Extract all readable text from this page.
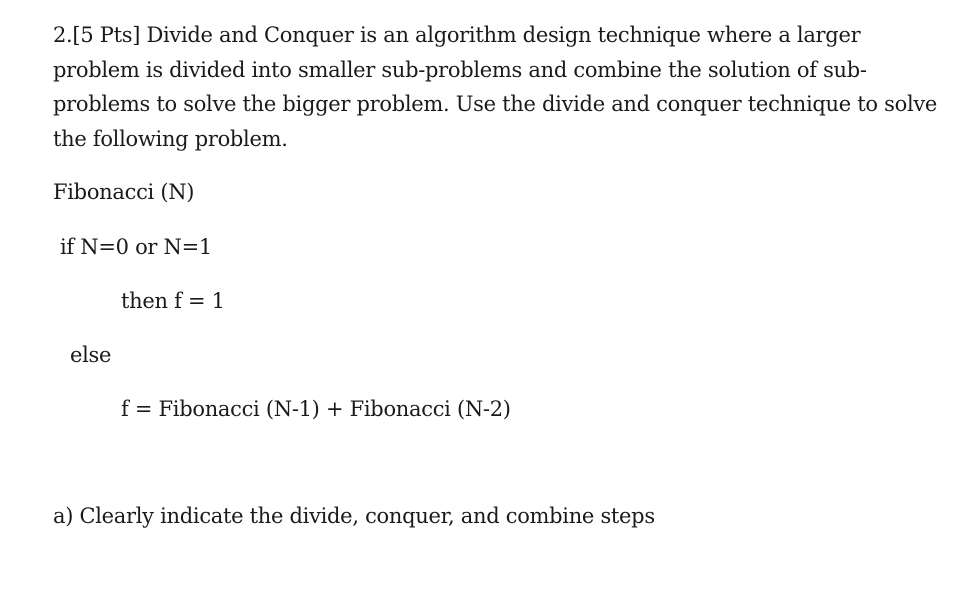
2.[5 Pts] Divide and Conquer is an algorithm design technique where a larger problem is divided into smaller sub-problems and combine the solution of sub-problems to solve the bigger problem. Use the divide and conquer technique to solve the following problem.

Fibonacci (N)
if N=0 or N=1
then f = 1
else
f = Fibonacci (N-1) + Fibonacci (N-2)
a) Clearly indicate the divide, conquer, and combine steps
